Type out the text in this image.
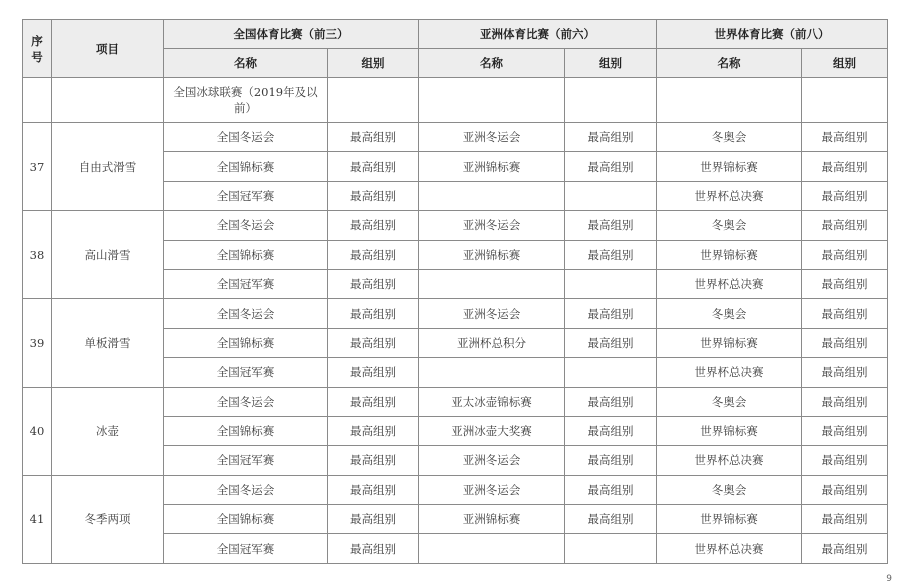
序
号	项目	全国体育比赛（前三）		亚洲体育比赛（前六）		世界体育比赛（前八）	
		名称	组别	名称	组别	名称	组别
		全国冰球联赛（2019年及以前）					
37	自由式滑雪	全国冬运会	最高组别	亚洲冬运会	最高组别	冬奥会	最高组别
		全国锦标赛	最高组别	亚洲锦标赛	最高组别	世界锦标赛	最高组别
		全国冠军赛	最高组别			世界杯总决赛	最高组别
38	高山滑雪	全国冬运会	最高组别	亚洲冬运会	最高组别	冬奥会	最高组别
		全国锦标赛	最高组别	亚洲锦标赛	最高组别	世界锦标赛	最高组别
		全国冠军赛	最高组别			世界杯总决赛	最高组别
39	单板滑雪	全国冬运会	最高组别	亚洲冬运会	最高组别	冬奥会	最高组别
		全国锦标赛	最高组别	亚洲杯总积分	最高组别	世界锦标赛	最高组别
		全国冠军赛	最高组别			世界杯总决赛	最高组别
40	冰壶	全国冬运会	最高组别	亚太冰壶锦标赛	最高组别	冬奥会	最高组别
		全国锦标赛	最高组别	亚洲冰壶大奖赛	最高组别	世界锦标赛	最高组别
		全国冠军赛	最高组别	亚洲冬运会	最高组别	世界杯总决赛	最高组别
41	冬季两项	全国冬运会	最高组别	亚洲冬运会	最高组别	冬奥会	最高组别
		全国锦标赛	最高组别	亚洲锦标赛	最高组别	世界锦标赛	最高组别
		全国冠军赛	最高组别			世界杯总决赛	最高组别
9
